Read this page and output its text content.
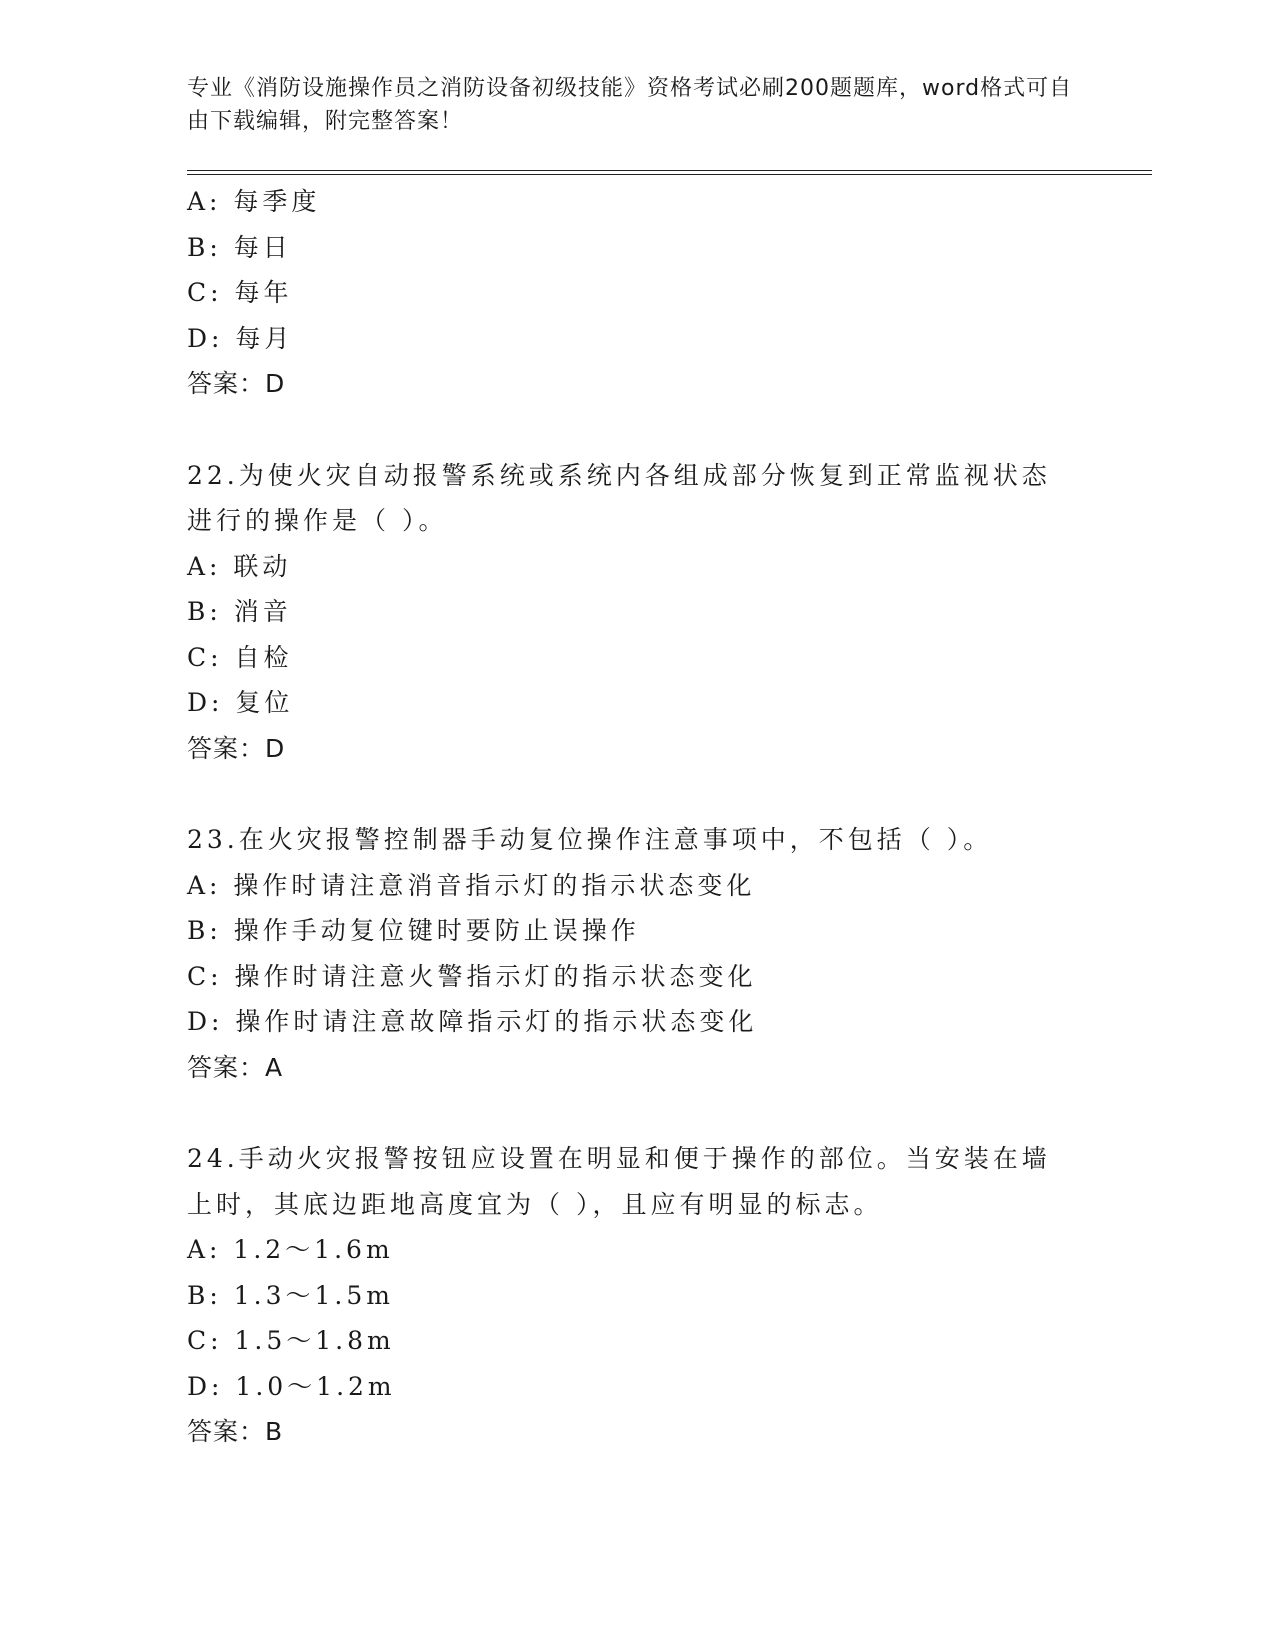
专业《消防设施操作员之消防设备初级技能》资格考试必刷200题题库，word格式可自由下载编辑，附完整答案！

A: 每季度
B: 每日
C: 每年
D: 每月
答案：D
22.为使火灾自动报警系统或系统内各组成部分恢复到正常监视状态进行的操作是（ ）。
A: 联动
B: 消音
C: 自检
D: 复位
答案：D
23.在火灾报警控制器手动复位操作注意事项中，不包括（ ）。
A: 操作时请注意消音指示灯的指示状态变化
B: 操作手动复位键时要防止误操作
C: 操作时请注意火警指示灯的指示状态变化
D: 操作时请注意故障指示灯的指示状态变化
答案：A
24.手动火灾报警按钮应设置在明显和便于操作的部位。当安装在墙上时，其底边距地高度宜为（ ），且应有明显的标志。
A: 1.2～1.6m
B: 1.3～1.5m
C: 1.5～1.8m
D: 1.0～1.2m
答案：B
